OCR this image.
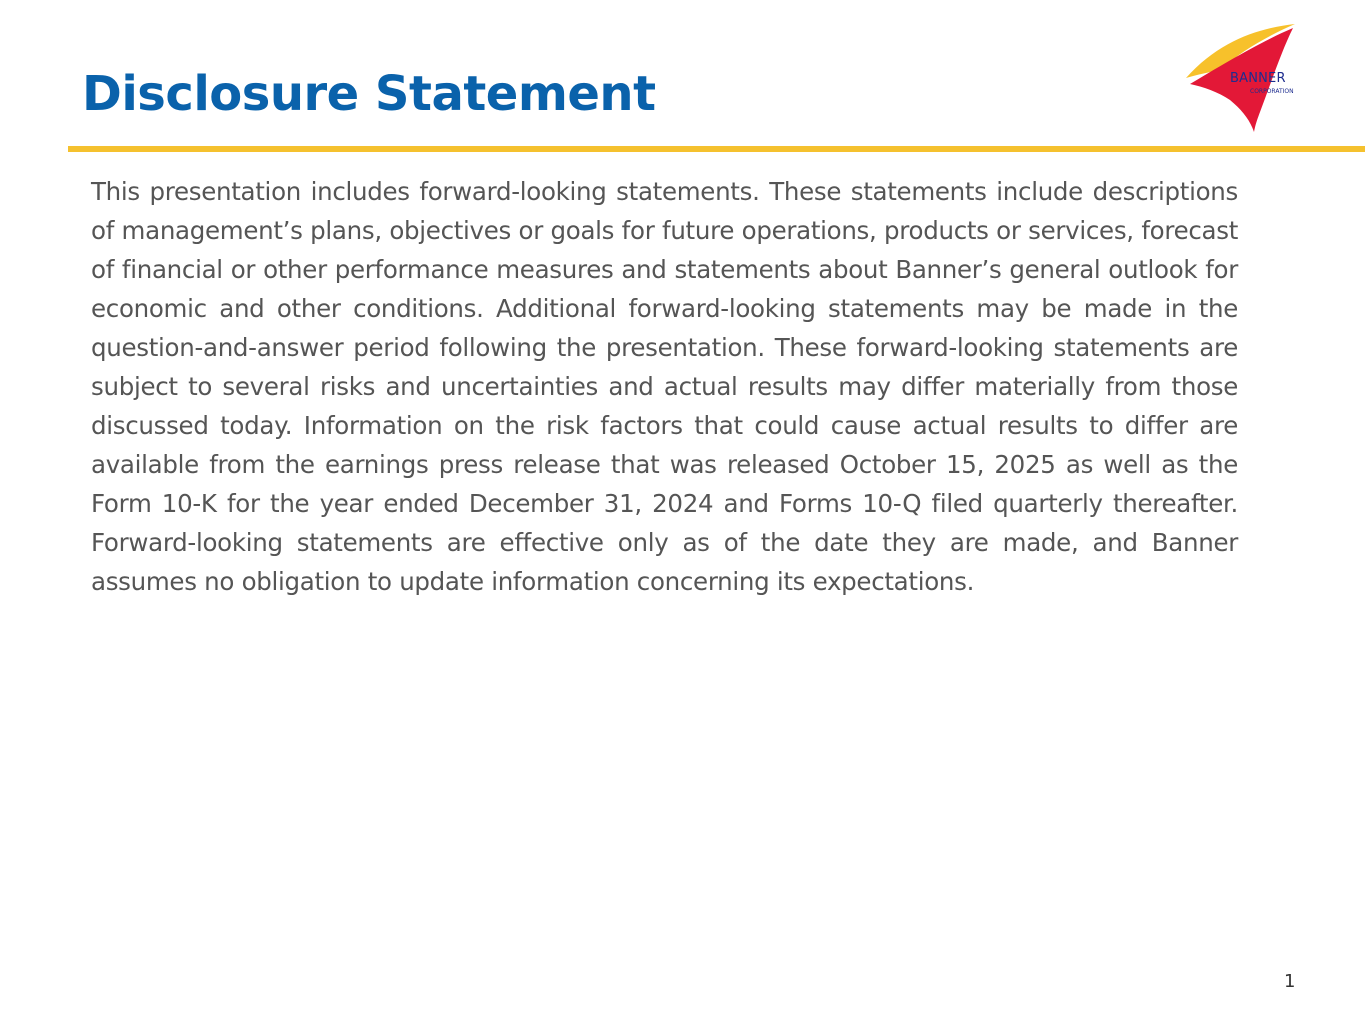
Disclosure Statement	BANNER
CORPORATION

This presentation includes forward-looking statements. These statements include descriptions of management’s plans, objectives or goals for future operations, products or services, forecast of financial or other performance measures and statements about Banner’s general outlook for economic and other conditions. Additional forward-looking statements may be made in the question-and-answer period following the presentation. These forward-looking statements are subject to several risks and uncertainties and actual results may differ materially from those discussed today. Information on the risk factors that could cause actual results to differ are available from the earnings press release that was released October 15, 2025 as well as the Form 10-K for the year ended December 31, 2024 and Forms 10-Q filed quarterly thereafter. Forward-looking statements are effective only as of the date they are made, and Banner assumes no obligation to update information concerning its expectations.

1
